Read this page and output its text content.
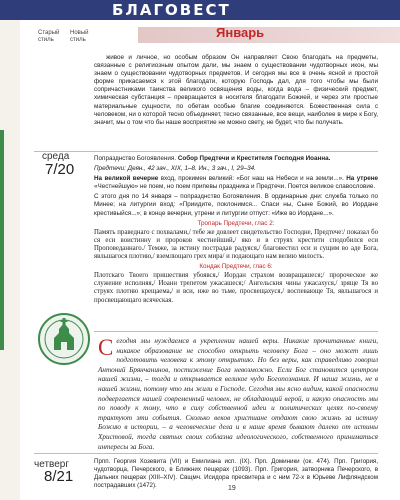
БЛАГОВЕСТ
Старый стиль
Новый стиль	Январь
живое и личное, но особым образом Он направляет Свою благодать на предметы, связанные с религиозным опытом дали, мы знаем о существовании чудотворных икон, мы знаем о существовании чудотворных предметов. И сегодня мы все в очень ясной и простой форме прикасаемся к этой благодати, которую Господь дал, для того чтобы мы были сопричастниками таинства великого освящения воды, когда вода – физический предмет, химическая субстанция – превращается в носителя благодати Божией, и через эти простые материальные сущности, по обетам особые благие соединяются. Божественная сила с человеком, ни о которой тесно объединяет, тесно связанные, все вещи, наиболее в мире к Богу, значит, мы о том что бы наше восприятие не можно свету, не будет, что бы получать.
среда
7/20

Попразднство Богоявления. Собор Предтечи и Крестителя Господня Иоанна.

Предтечи: Деян., 42 зач., XIX, 1–8. Ин., 3 зач., I, 29–34.

На великой вечерне вход, прокимен великий: «Бог наш на Небеси и на земли...». На утрене «Честнейшую» не поем, но поем припевы праздника и Предтечи. Поется великое славословие.

С этого дня по 14 января – попразднство Богоявления. В ординарные дни: служба только по Минее; на литургии вход: «Приидите, поклонимся... Спаси ны, Сыне Божий, во Иордане крестивыйся...»; в конце вечерни, утрени и литургии отпуст: «Иже во Иордане...».

Тропарь Предтечи, глас 2:

Память праведнаго с похвалами,/ тебе же довлеет свидетельство Господне, Предтече:/ показал бо ся еси воистинну и пророков честнейший,/ яко и в струях крестити сподобился еси Проповеданнаго./ Темже, за истину пострадав радуяся,/ благовестил еси и сущим во аде Бога, явльшагося плотию,/ вземлющаго грех мира/ и подающаго нам велию милость.

Кондак Предтечи, глас 6:

Плотскаго Твоего пришествия убоявся,/ Иордан страхом возвращашеся;/ пророческое же служение исполняя,/ Иоанн трепетом ужасашеся;/ Ангельския чины ужасахуся,/ зряще Тя во струях плотию крещаема,/ и вси, иже во тьме, просвещахуся,/ воспевающе Тя, явльшагося и просвещающаго всяческая.

Сегодня мы нуждаемся в укреплении нашей веры. Никакие прочитанные книги, никакое образование не способно открыть человеку Бога – оно может лишь подготовить человека к этому открытию. Но без веры, как справедливо говорил Антоний Брянчанинов, постижение Бога невозможно. Если Бог становится центром нашей жизни, – тогда и открывается великое чудо Богопознания. И наша жизнь, не в нашей жизни, потому что мы жили в Господе. Сегодня мы ясно видим, какой опасности подвергается нашей современный человек, не обладающий верой, и какую опасность мы по поводу к тому, что в силу собственной идеи и политических целях по-своему трактуют эти события. Сколько веков христиане отдают свою жизнь за истину Божию в истории, – а человеческие дела и в наше время бывают далеко от истины Христовой, тогда святых своих соблазна идеологического, собственного приниматься интересы за Бога.
четверг
8/21
Прпп. Георгия Хозевита (VII) и Емилиана исп. (IX). Прп. Доминики (ок. 474). Прп. Григория, чудотворца, Печерского, в Ближних пещерах (1093). Прп. Григория, затворника Печерского, в Дальних пещерах (XIII–XIV). Свщмч. Исидора пресвитера и с ним 72-х в Юрьеве Лифляндском пострадавших (1472).	19
